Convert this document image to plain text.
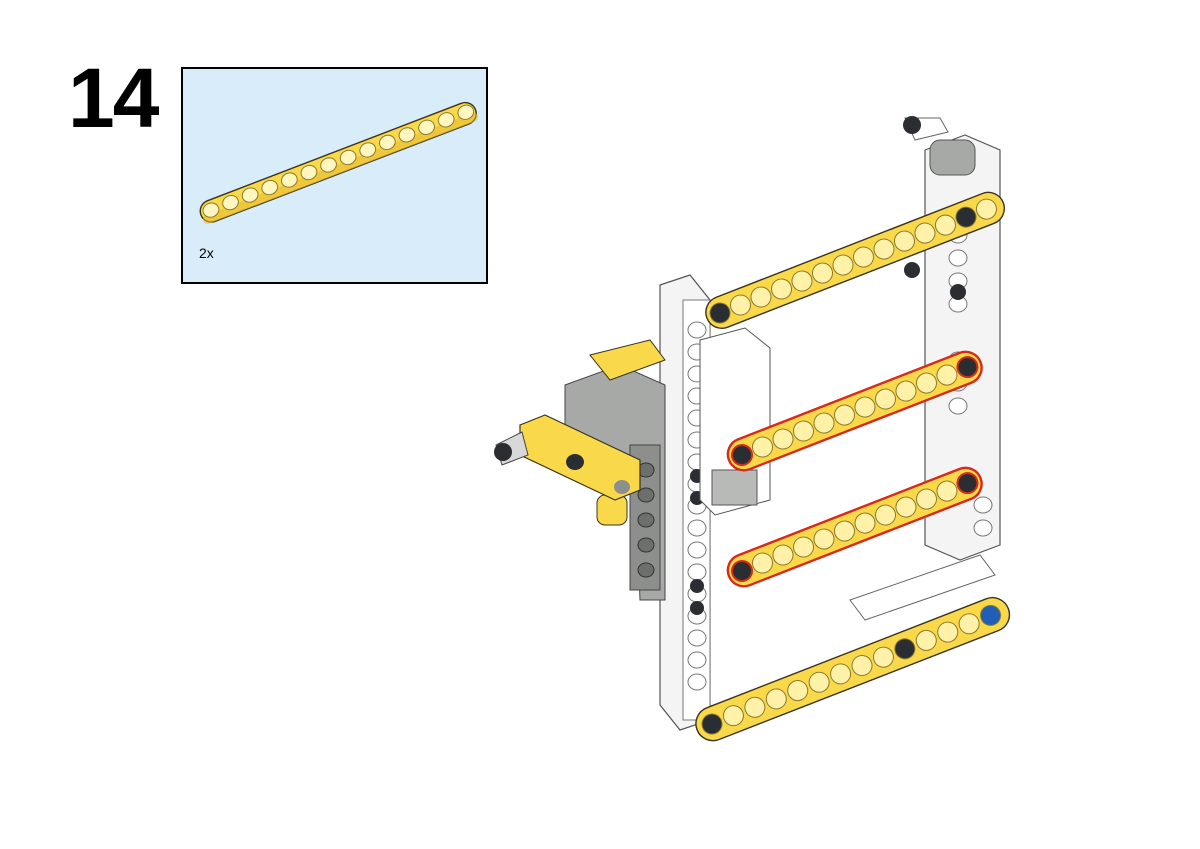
14
2x
